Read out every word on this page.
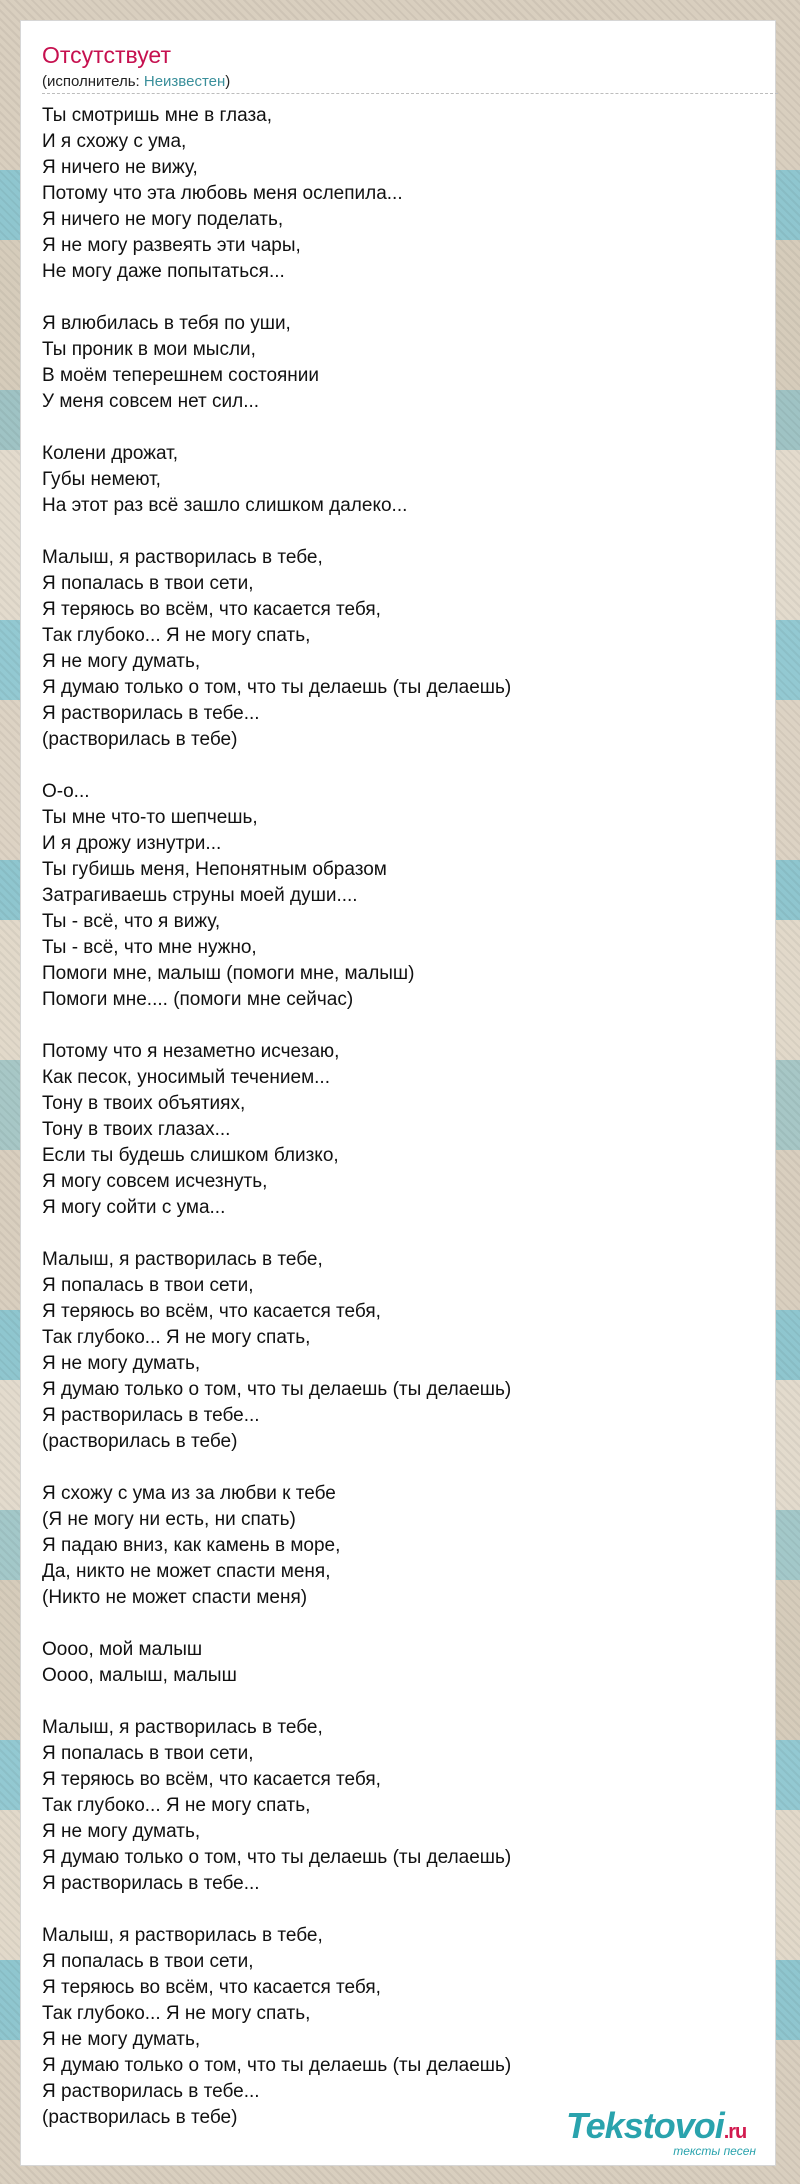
Отсутствует
(исполнитель: Неизвестен)
Ты смотришь мне в глаза,
И я схожу с ума,
Я ничего не вижу,
Потому что эта любовь меня ослепила...
Я ничего не могу поделать,
Я не могу развеять эти чары,
Не могу даже попытаться...
Я влюбилась в тебя по уши,
Ты проник в мои мысли,
В моём теперешнем состоянии
У меня совсем нет сил...
Колени дрожат,
Губы немеют,
На этот раз всё зашло слишком далеко...
Малыш, я растворилась в тебе,
Я попалась в твои сети,
Я теряюсь во всём, что касается тебя,
Так глубоко... Я не могу спать,
Я не могу думать,
Я думаю только о том, что ты делаешь (ты делаешь)
Я растворилась в тебе...
(растворилась в тебе)
О-о...
Ты мне что-то шепчешь,
И я дрожу изнутри...
Ты губишь меня, Непонятным образом
Затрагиваешь струны моей души....
Ты - всё, что я вижу,
Ты - всё, что мне нужно,
Помоги мне, малыш (помоги мне, малыш)
Помоги мне.... (помоги мне сейчас)
Потому что я незаметно исчезаю,
Как песок, уносимый течением...
Тону в твоих объятиях,
Тону в твоих глазах...
Если ты будешь слишком близко,
Я могу совсем исчезнуть,
Я могу сойти с ума...
Малыш, я растворилась в тебе,
Я попалась в твои сети,
Я теряюсь во всём, что касается тебя,
Так глубоко... Я не могу спать,
Я не могу думать,
Я думаю только о том, что ты делаешь (ты делаешь)
Я растворилась в тебе...
(растворилась в тебе)
Я схожу с ума из за любви к тебе
(Я не могу ни есть, ни спать)
Я падаю вниз, как камень в море,
Да, никто не может спасти меня,
(Никто не может спасти меня)
Оооо, мой малыш
Оооо, малыш, малыш
Малыш, я растворилась в тебе,
Я попалась в твои сети,
Я теряюсь во всём, что касается тебя,
Так глубоко... Я не могу спать,
Я не могу думать,
Я думаю только о том, что ты делаешь (ты делаешь)
Я растворилась в тебе...
Малыш, я растворилась в тебе,
Я попалась в твои сети,
Я теряюсь во всём, что касается тебя,
Так глубоко... Я не могу спать,
Я не могу думать,
Я думаю только о том, что ты делаешь (ты делаешь)
Я растворилась в тебе...
(растворилась в тебе)	Tekstovoi.ru
тексты песен
